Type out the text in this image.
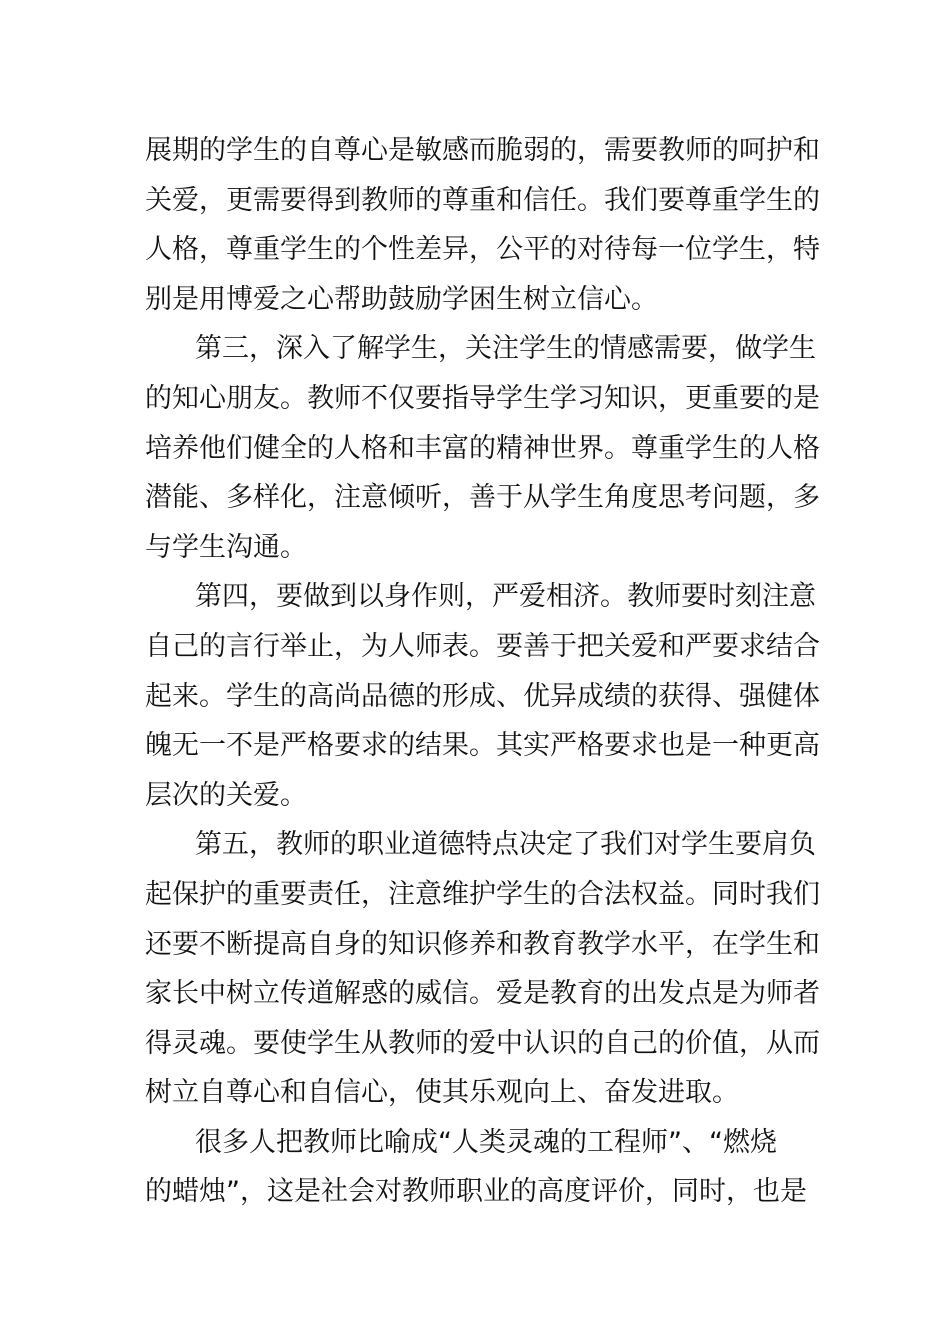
展期的学生的自尊心是敏感而脆弱的，需要教师的呵护和
关爱，更需要得到教师的尊重和信任。我们要尊重学生的
人格，尊重学生的个性差异，公平的对待每一位学生，特
别是用博爱之心帮助鼓励学困生树立信心。
第三，深入了解学生，关注学生的情感需要，做学生
的知心朋友。教师不仅要指导学生学习知识，更重要的是
培养他们健全的人格和丰富的精神世界。尊重学生的人格
潜能、多样化，注意倾听，善于从学生角度思考问题，多
与学生沟通。
第四，要做到以身作则，严爱相济。教师要时刻注意
自己的言行举止，为人师表。要善于把关爱和严要求结合
起来。学生的高尚品德的形成、优异成绩的获得、强健体
魄无一不是严格要求的结果。其实严格要求也是一种更高
层次的关爱。
第五，教师的职业道德特点决定了我们对学生要肩负
起保护的重要责任，注意维护学生的合法权益。同时我们
还要不断提高自身的知识修养和教育教学水平，在学生和
家长中树立传道解惑的威信。爱是教育的出发点是为师者
得灵魂。要使学生从教师的爱中认识的自己的价值，从而
树立自尊心和自信心，使其乐观向上、奋发进取。
很多人把教师比喻成“人类灵魂的工程师”、“燃烧
的蜡烛”，这是社会对教师职业的高度评价，同时，也是
